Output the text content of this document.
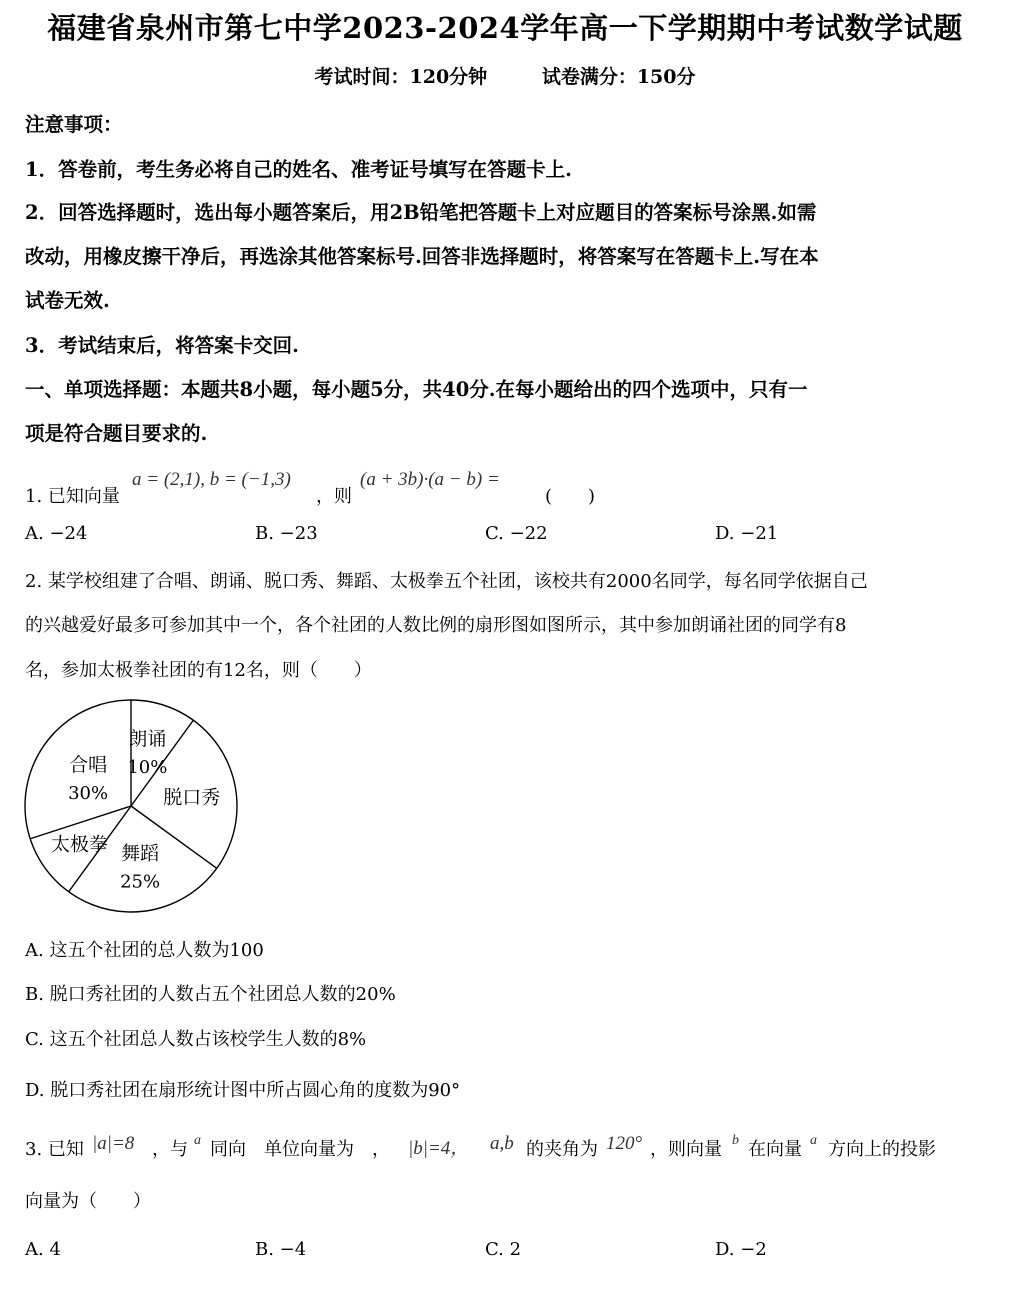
福建省泉州市第七中学2023-2024学年高一下学期期中考试数学试题
考试时间：120分钟	试卷满分：150分
注意事项：
1．答卷前，考生务必将自己的姓名、准考证号填写在答题卡上.
2．回答选择题时，选出每小题答案后，用2B铅笔把答题卡上对应题目的答案标号涂黑.如需
改动，用橡皮擦干净后，再选涂其他答案标号.回答非选择题时，将答案写在答题卡上.写在本
试卷无效.
3．考试结束后，将答案卡交回.
一、单项选择题：本题共8小题，每小题5分，共40分.在每小题给出的四个选项中，只有一
项是符合题目要求的.
1. 已知向量
a = (2,1), b = (−1,3)
，则
(a + 3b)·(a − b) =
(　　)
A. −24	B. −23	C. −22	D. −21
2. 某学校组建了合唱、朗诵、脱口秀、舞蹈、太极拳五个社团，该校共有2000名同学，每名同学依据自己
的兴越爱好最多可参加其中一个，各个社团的人数比例的扇形图如图所示，其中参加朗诵社团的同学有8
名，参加太极拳社团的有12名，则（　　）
朗诵
10%
脱口秀
舞蹈
25%
太极拳
合唱
30%
A. 这五个社团的总人数为100
B. 脱口秀社团的人数占五个社团总人数的20%
C. 这五个社团总人数占该校学生人数的8%
D. 脱口秀社团在扇形统计图中所占圆心角的度数为90°
3. 已知 |a|=8 ，与 a 同向　单位向量为　， |b|=4， a,b 的夹角为 120° ，则向量 b 在向量 a 方向上的投影
向量为（　　）
A. 4	B. −4	C. 2	D. −2
